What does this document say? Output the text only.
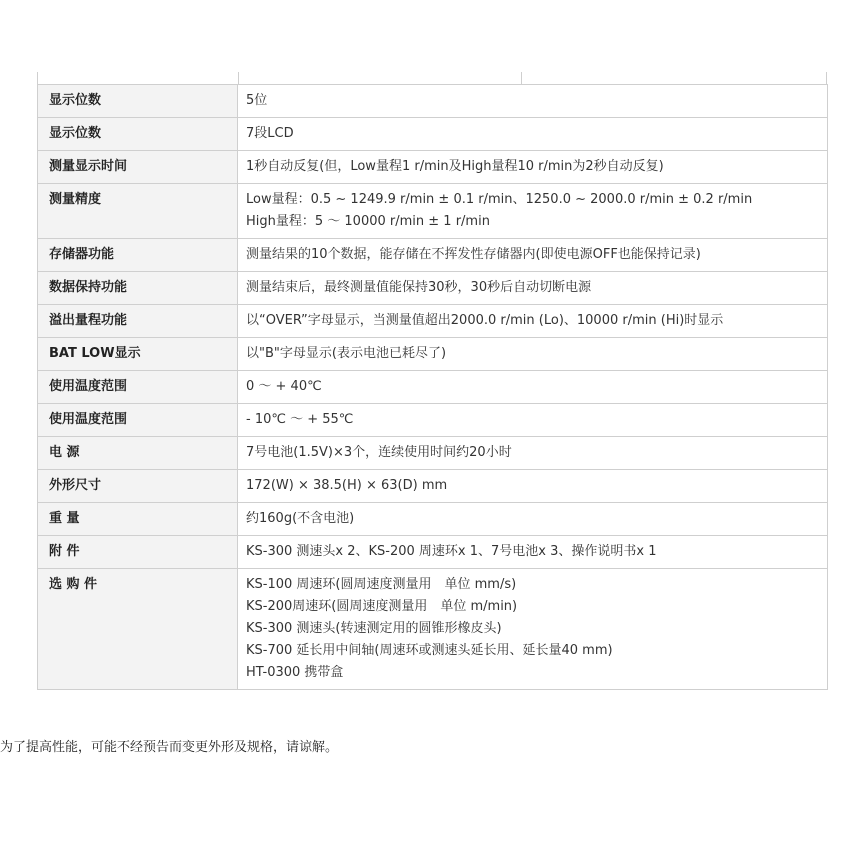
显示位数	5位

显示位数	7段LCD

测量显示时间	1秒自动反复(但，Low量程1 r/min及High量程10 r/min为2秒自动反复)

测量精度	Low量程：0.5 ~ 1249.9 r/min ± 0.1 r/min、1250.0 ~ 2000.0 r/min ± 0.2 r/min
High量程：5 ～ 10000 r/min ± 1 r/min

存储器功能	测量结果的10个数据，能存储在不挥发性存储器内(即使电源OFF也能保持记录)

数据保持功能	测量结束后，最终测量值能保持30秒，30秒后自动切断电源

溢出量程功能	以“OVER”字母显示，当测量值超出2000.0 r/min (Lo)、10000 r/min (Hi)时显示

BAT LOW显示	以"B"字母显示(表示电池已耗尽了)

使用温度范围	0 ～ + 40℃

使用温度范围	- 10℃ ～ + 55℃

电 源	7号电池(1.5V)×3个，连续使用时间约20小时

外形尺寸	172(W) × 38.5(H) × 63(D) mm

重 量	约160g(不含电池)

附 件	KS-300 测速头x 2、KS-200 周速环x 1、7号电池x 3、操作说明书x 1

选 购 件	KS-100 周速环(圆周速度测量用　单位 mm/s)
KS-200周速环(圆周速度测量用　单位 m/min)
KS-300 测速头(转速测定用的圆锥形橡皮头)
KS-700 延长用中间轴(周速环或测速头延长用、延长量40 mm)
HT-0300 携带盒
为了提高性能，可能不经预告而变更外形及规格，请谅解。
